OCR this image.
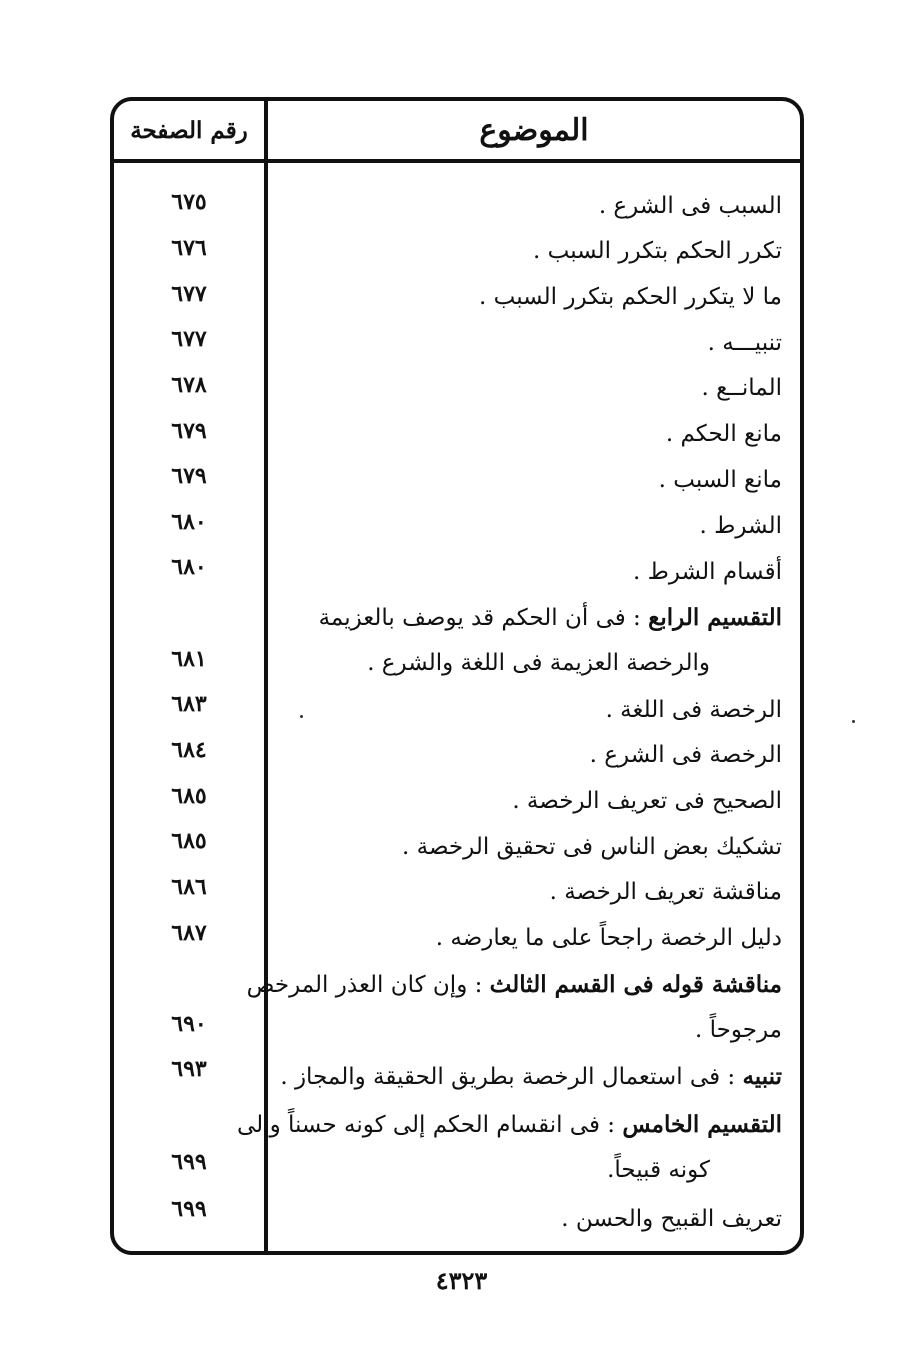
الموضوع
رقم الصفحة
السبب فى الشرع .
٦٧٥
تكرر الحكم بتكرر السبب .
٦٧٦
ما لا يتكرر الحكم بتكرر السبب .
٦٧٧
تنبيـــه .
٦٧٧
المانــع .
٦٧٨
مانع الحكم .
٦٧٩
مانع السبب .
٦٧٩
الشرط .
٦٨٠
أقسام الشرط .
٦٨٠
التقسيم الرابع : فى أن الحكم قد يوصف بالعزيمة
والرخصة العزيمة فى اللغة والشرع .
٦٨١
الرخصة فى اللغة .
٦٨٣
الرخصة فى الشرع .
٦٨٤
الصحيح فى تعريف الرخصة .
٦٨٥
تشكيك بعض الناس فى تحقيق الرخصة .
٦٨٥
مناقشة تعريف الرخصة .
٦٨٦
دليل الرخصة راجحاً على ما يعارضه .
٦٨٧
مناقشة قوله فى القسم الثالث : وإن كان العذر المرخص
مرجوحاً .
٦٩٠
تنبيه : فى استعمال الرخصة بطريق الحقيقة والمجاز .
٦٩٣
التقسيم الخامس : فى انقسام الحكم إلى كونه حسناً وإلى
كونه قبيحاً.
٦٩٩
تعريف القبيح والحسن .
٦٩٩
٤٣٢٣
